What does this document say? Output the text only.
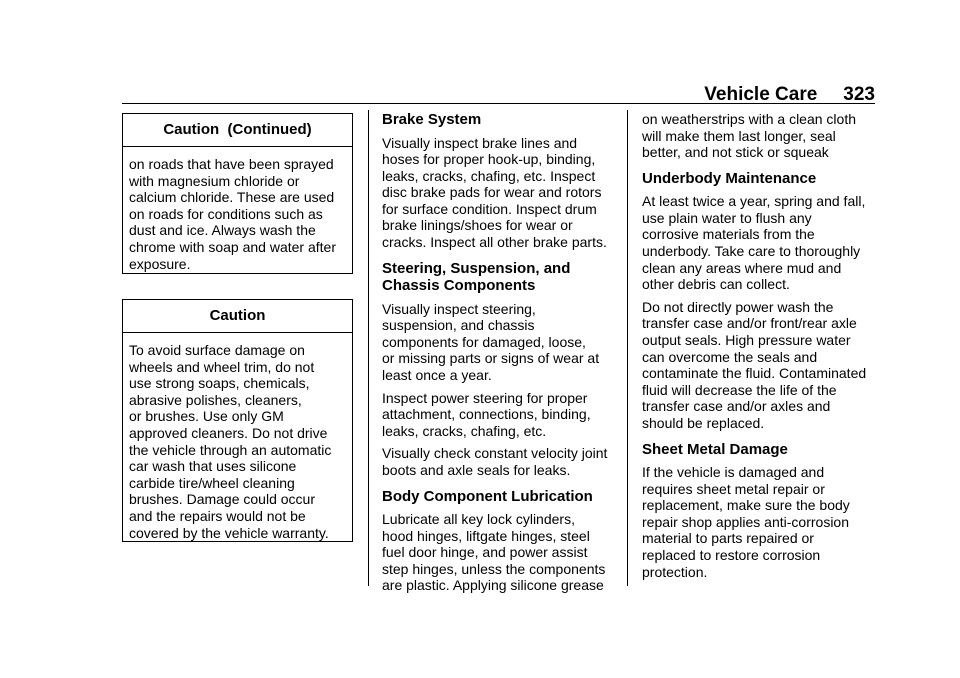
Vehicle Care 323
Caution  (Continued)

on roads that have been sprayed

with magnesium chloride or

calcium chloride. These are used

on roads for conditions such as

dust and ice. Always wash the

chrome with soap and water after

exposure.

Caution

To avoid surface damage on

wheels and wheel trim, do not

use strong soaps, chemicals,

abrasive polishes, cleaners,

or brushes. Use only GM

approved cleaners. Do not drive

the vehicle through an automatic

car wash that uses silicone

carbide tire/wheel cleaning

brushes. Damage could occur

and the repairs would not be

covered by the vehicle warranty.

Brake System
Visually inspect brake lines and
hoses for proper hook-up, binding,
leaks, cracks, chafing, etc. Inspect
disc brake pads for wear and rotors
for surface condition. Inspect drum
brake linings/shoes for wear or
cracks. Inspect all other brake parts.
Steering, Suspension, and
Chassis Components
Visually inspect steering,
suspension, and chassis
components for damaged, loose,
or missing parts or signs of wear at
least once a year.
Inspect power steering for proper
attachment, connections, binding,
leaks, cracks, chafing, etc.
Visually check constant velocity joint
boots and axle seals for leaks.
Body Component Lubrication
Lubricate all key lock cylinders,
hood hinges, liftgate hinges, steel
fuel door hinge, and power assist
step hinges, unless the components
are plastic. Applying silicone grease
on weatherstrips with a clean cloth
will make them last longer, seal
better, and not stick or squeak
Underbody Maintenance
At least twice a year, spring and fall,
use plain water to flush any
corrosive materials from the
underbody. Take care to thoroughly
clean any areas where mud and
other debris can collect.
Do not directly power wash the
transfer case and/or front/rear axle
output seals. High pressure water
can overcome the seals and
contaminate the fluid. Contaminated
fluid will decrease the life of the
transfer case and/or axles and
should be replaced.
Sheet Metal Damage
If the vehicle is damaged and
requires sheet metal repair or
replacement, make sure the body
repair shop applies anti-corrosion
material to parts repaired or
replaced to restore corrosion
protection.
